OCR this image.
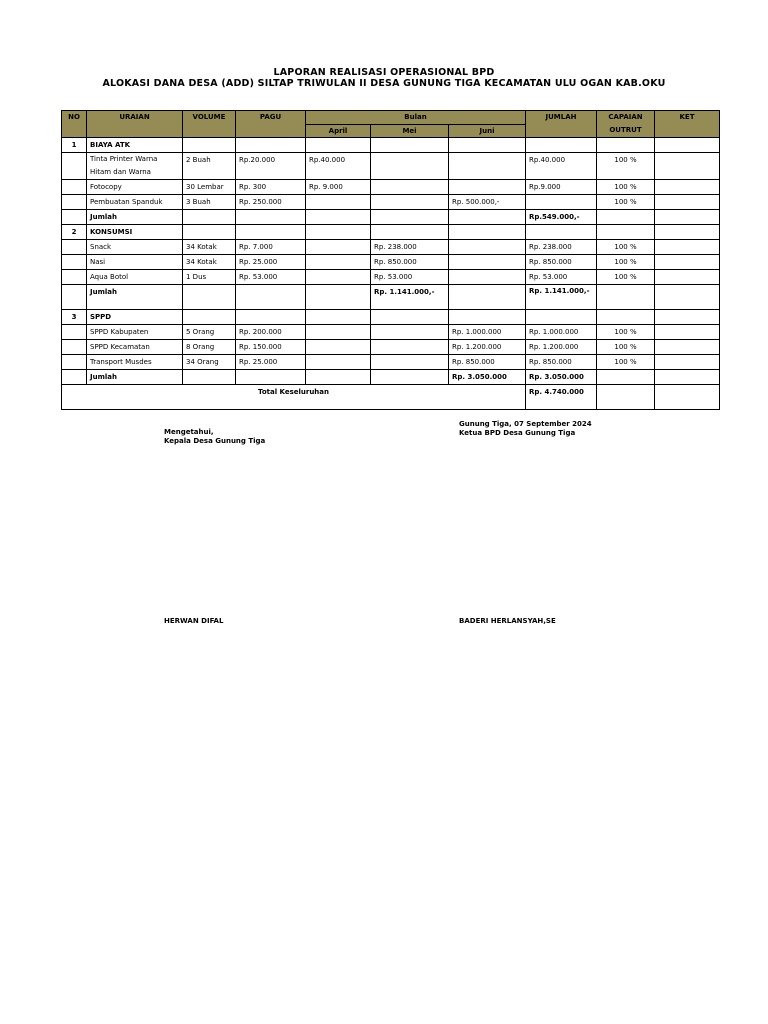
LAPORAN REALISASI OPERASIONAL BPD
ALOKASI DANA DESA (ADD) SILTAP TRIWULAN II DESA GUNUNG TIGA KECAMATAN ULU OGAN KAB.OKU
NO	URAIAN	VOLUME	PAGU	Bulan			JUMLAH	CAPAIAN OUTRUT	KET
				April	Mei	Juni			
1	BIAYA ATK								
	Tinta Printer Warna Hitam dan Warna	2 Buah	Rp.20.000	Rp.40.000			Rp.40.000	100 %	
	Fotocopy	30 Lembar	Rp. 300	Rp. 9.000			Rp.9.000	100 %	
	Pembuatan Spanduk	3 Buah	Rp. 250.000			Rp. 500.000,-		100 %	
	Jumlah						Rp.549.000,-		
2	KONSUMSI								
	Snack	34 Kotak	Rp. 7.000		Rp. 238.000		Rp. 238.000	100 %	
	Nasi	34 Kotak	Rp. 25.000		Rp. 850.000		Rp. 850.000	100 %	
	Aqua Botol	1 Dus	Rp. 53.000		Rp. 53.000		Rp. 53.000	100 %	
	Jumlah				Rp. 1.141.000,-		Rp. 1.141.000,-		
3	SPPD								
	SPPD Kabupaten	5 Orang	Rp. 200.000			Rp. 1.000.000	Rp. 1.000.000	100 %	
	SPPD Kecamatan	8 Orang	Rp. 150.000			Rp. 1.200.000	Rp. 1.200.000	100 %	
	Transport Musdes	34 Orang	Rp. 25.000			Rp. 850.000	Rp. 850.000	100 %	
	Jumlah					Rp. 3.050.000	Rp. 3.050.000		
Total Keseluruhan							Rp. 4.740.000		
Mengetahui,
Kepala Desa Gunung Tiga
Gunung Tiga, 07 September 2024
Ketua BPD Desa Gunung Tiga
HERWAN DIFAL	BADERI HERLANSYAH,SE
